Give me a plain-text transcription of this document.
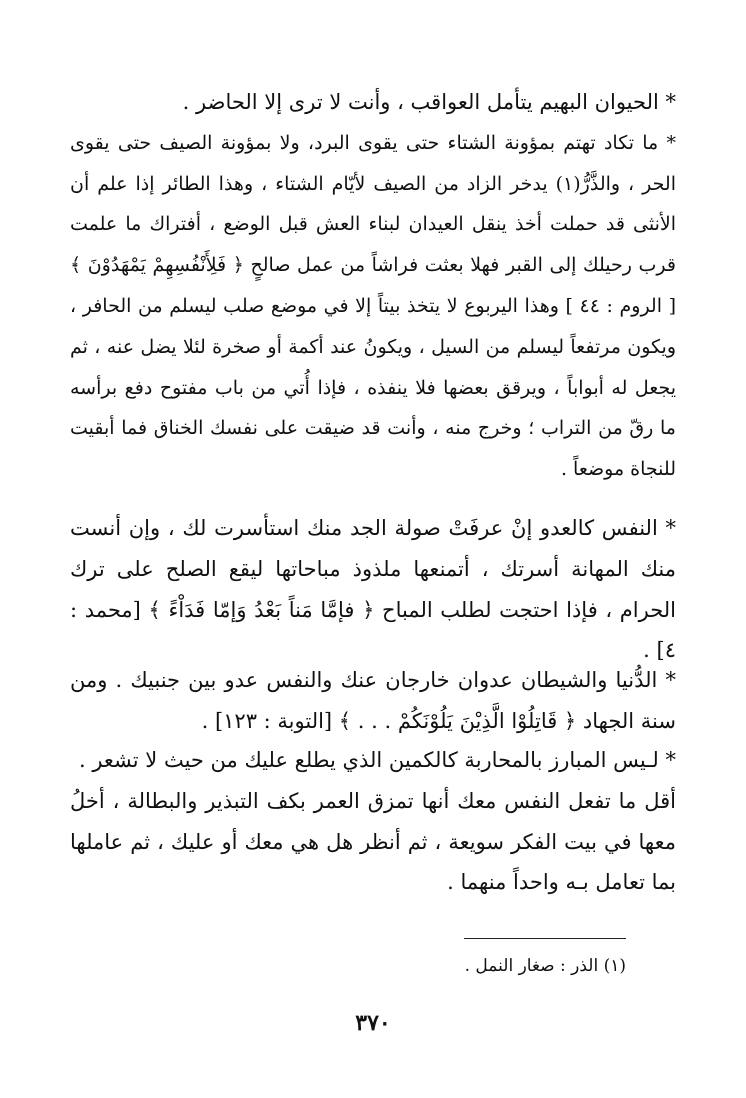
* الحيوان البهيم يتأمل العواقب ، وأنت لا ترى إلا الحاضر .

* ما تكاد تهتم بمؤونة الشتاء حتى يقوى البرد، ولا بمؤونة الصيف حتى يقوى الحر ، والذَّرُّ(١) يدخر الزاد من الصيف لأيّام الشتاء ، وهذا الطائر إذا علم أن الأنثى قد حملت أخذ ينقل العيدان لبناء العش قبل الوضع ، أفتراك ما علمت قرب رحيلك إلى القبر فهلا بعثت فراشاً من عمل صالحٍ ﴿ فَلِأَنْفُسِهِمْ يَمْهَدُوْنَ ﴾ [ الروم : ٤٤ ] وهذا اليربوع لا يتخذ بيتاً إلا في موضع صلب ليسلم من الحافر ، ويكون مرتفعاً ليسلم من السيل ، ويكونُ عند أكمة أو صخرة لئلا يضل عنه ، ثم يجعل له أبواباً ، ويرقق بعضها فلا ينفذه ، فإذا أُتي من باب مفتوح دفع برأسه ما رقّ من التراب ؛ وخرج منه ، وأنت قد ضيقت على نفسك الخناق فما أبقيت للنجاة موضعاً .

* النفس كالعدو إنْ عرفَتْ صولة الجد منك استأسرت لك ، وإن أنست منك المهانة أسرتك ، أتمنعها ملذوذ مباحاتها ليقع الصلح على ترك الحرام ، فإذا احتجت لطلب المباح ﴿ فإمَّا مَناً بَعْدُ وَإمّا فَدَاْءً ﴾ [محمد : ٤] .

* الدُّنيا والشيطان عدوان خارجان عنك والنفس عدو بين جنبيك . ومن سنة الجهاد ﴿ قَاتِلُوْا الَّذِيْنَ يَلُوْنَكُمْ . . . ﴾ [التوبة : ١٢٣] .

* لـيس المبارز بالمحاربة كالكمين الذي يطلع عليك من حيث لا تشعر .

أقل ما تفعل النفس معك أنها تمزق العمر بكف التبذير والبطالة ، أخلُ معها في بيت الفكر سويعة ، ثم أنظر هل هي معك أو عليك ، ثم عاملها بما تعامل بـه واحداً منهما .

(١) الذر : صغار النمل .
٣٧٠
